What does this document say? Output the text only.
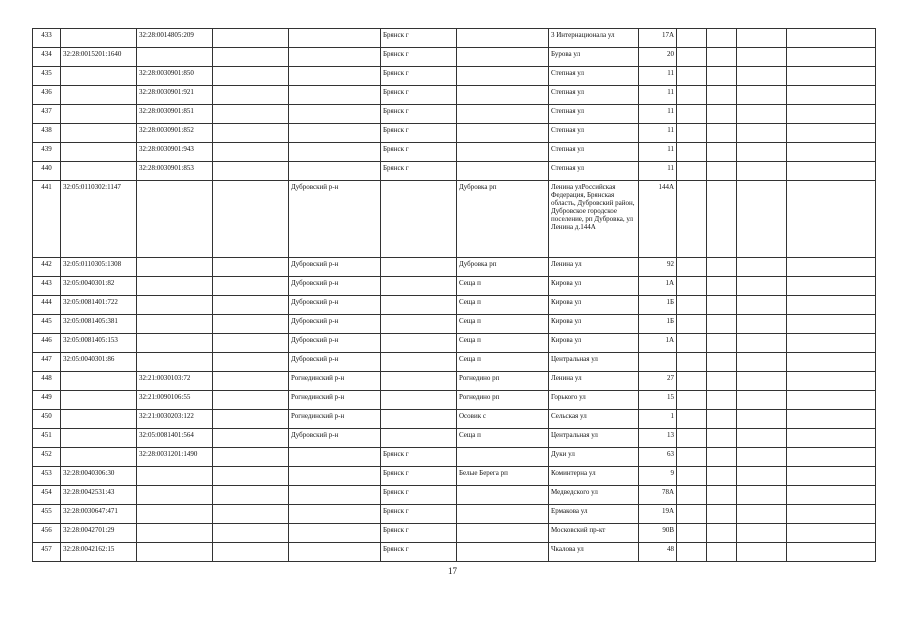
433		32:28:0014805:209			Брянск г		3 Интернационала ул	17А				
434	32:28:0015201:1640				Брянск г		Бурова ул	20				
435		32:28:0030901:850			Брянск г		Степная ул	11				
436		32:28:0030901:921			Брянск г		Степная ул	11				
437		32:28:0030901:851			Брянск г		Степная ул	11				
438		32:28:0030901:852			Брянск г		Степная ул	11				
439		32:28:0030901:943			Брянск г		Степная ул	11				
440		32:28:0030901:853			Брянск г		Степная ул	11				
441	32:05:0110302:1147			Дубровский р-н		Дубровка рп	Ленина улРоссийская Федерация, Брянская область, Дубровский район, Дубровское городское поселение, рп Дубровка, ул Ленина д.144А	144А				
442	32:05:0110305:1308			Дубровский р-н		Дубровка рп	Ленина ул	92				
443	32:05:0040301:82			Дубровский р-н		Сеща п	Кирова ул	1А				
444	32:05:0081401:722			Дубровский р-н		Сеща п	Кирова ул	1Б				
445	32:05:0081405:381			Дубровский р-н		Сеща п	Кирова ул	1Б				
446	32:05:0081405:153			Дубровский р-н		Сеща п	Кирова ул	1А				
447	32:05:0040301:86			Дубровский р-н		Сеща п	Центральная ул					
448		32:21:0030103:72		Рогнединский р-н		Рогнедино рп	Ленина ул	27				
449		32:21:0090106:55		Рогнединский р-н		Рогнедино рп	Горького ул	15				
450		32:21:0030203:122		Рогнединский р-н		Осовик с	Сельская ул	1				
451		32:05:0081401:564		Дубровский р-н		Сеща п	Центральная ул	13				
452		32:28:0031201:1490			Брянск г		Дуки ул	63				
453	32:28:0040306:30				Брянск г	Белые Берега рп	Коминтерна ул	9				
454	32:28:0042531:43				Брянск г		Медведского ул	78А				
455	32:28:0030647:471				Брянск г		Ермакова ул	19А				
456	32:28:0042701:29				Брянск г		Московский пр-кт	90В				
457	32:28:0042162:15				Брянск г		Чкалова ул	48				
17
